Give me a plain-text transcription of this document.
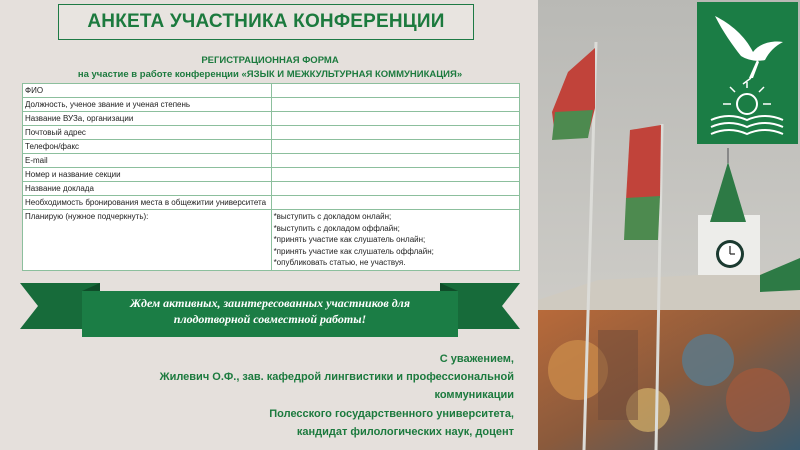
АНКЕТА УЧАСТНИКА КОНФЕРЕНЦИИ
РЕГИСТРАЦИОННАЯ ФОРМА
на участие в работе конференции «ЯЗЫК И МЕЖКУЛЬТУРНАЯ КОММУНИКАЦИЯ»
ФИО	
Должность, ученое звание и ученая степень	
Название ВУЗа, организации	
Почтовый адрес	
Телефон/факс	
E-mail	
Номер и название секции	
Название доклада	
Необходимость бронирования места в общежитии университета	
Планирую (нужное подчеркнуть):	*выступить с докладом онлайн;
*выступить с докладом оффлайн;
*принять участие как слушатель онлайн;
*принять участие как слушатель оффлайн;
*опубликовать статью, не участвуя.
Ждем активных, заинтересованных участников для
плодотворной совместной работы!
С уважением,
Жилевич О.Ф., зав. кафедрой лингвистики и профессиональной
коммуникации
Полесского государственного университета,
кандидат филологических наук, доцент
